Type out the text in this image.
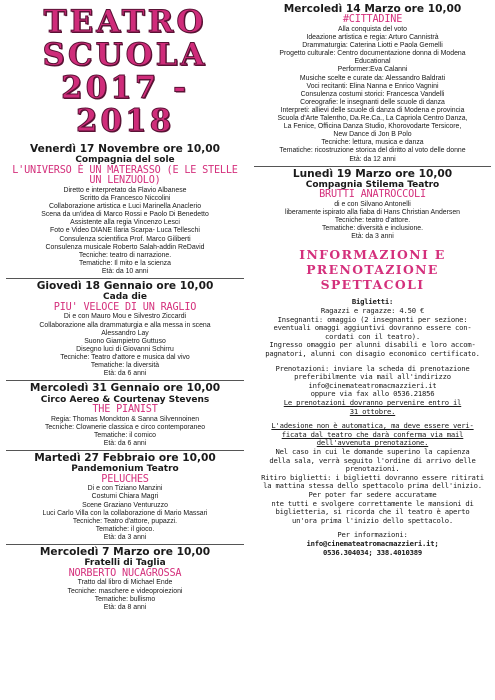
TEATRO
SCUOLA
2017 - 2018
Venerdì 17 Novembre ore 10,00
Compagnia del sole
L'UNIVERSO È UN MATERASSO (E LE STELLE UN LENZUOLO)
Diretto e interpretato da Flavio Albanese
Scritto da Francesco Niccolini
Collaborazione artistica e Luci Marinella Anaclerio
Scena da un'idea di Marco Rossi e Paolo Di Benedetto
Assistente alla regia Vincenzo Lesci
Foto e Video DIANE Ilaria Scarpa- Luca Telleschi
Consulenza scientifica Prof. Marco Giliberti
Consulenza musicale Roberto Salah-addin ReDavid
Tecniche: teatro di narrazione.
Tematiche: Il mito e la scienza
Età: da 10 anni
Giovedì 18 Gennaio ore 10,00
Cada die
PIU' VELOCE DI UN RAGLIO
Di e con Mauro Mou e Silvestro Ziccardi
Collaborazione alla drammaturgia e alla messa in scena
Alessandro Lay
Suono Giampietro Guttuso
Disegno luci di Giovanni Schirru
Tecniche: Teatro d'attore e musica dal vivo
Tematiche: la diversità
Età: da 6 anni
Mercoledì 31 Gennaio ore 10,00
Circo Aereo & Courtenay Stevens
THE PIANIST
Regia: Thomas Monckton & Sanna Silvennoinen
Tecniche: Clownerie classica e circo contemporaneo
Tematiche: il comico
Età: da 6 anni
Martedì 27 Febbraio ore 10,00
Pandemonium Teatro
PELUCHES
Di e con Tiziano Manzini
Costumi Chiara Magri
Scene Graziano Venturuzzo
Luci Carlo Villa con la collaborazione di Mario Massari
Tecniche: Teatro d'attore, pupazzi.
Tematiche: il gioco.
Età: da 3 anni
Mercoledì 7 Marzo ore 10,00
Fratelli di Taglia
NORBERTO NUCAGROSSA
Tratto dal libro di Michael Ende
Tecniche: maschere e videoproiezioni
Tematiche: bullismo
Età: da 8 anni
Mercoledì 14 Marzo ore 10,00
#CITTADINE
Alla conquista del voto
Ideazione artistica e regia: Arturo Cannistrà
Drammaturgia: Caterina Liotti e Paola Gemelli
Progetto culturale: Centro documentazione donna di Modena
Educational
Performer:Eva Calanni
Musiche scelte e curate da: Alessandro Baldrati
Voci recitanti: Elina Nanna e Enrico Vagnini
Consulenza costumi storici: Francesca Vandelli
Coreografie: le insegnanti delle scuole di danza
Interpreti: allievi delle scuole di danza di Modena e provincia
Scuola d'Arte Talentho, Da.Re.Ca., La Capriola Centro Danza,
La Fenice, Officina Danza Studio, Khorovodarte Tersicore,
New Dance di Jon B Polo
Tecniche: lettura, musica e danza
Tematiche: ricostruzione storica del diritto al voto delle donne
Età: da 12 anni
Lunedì 19 Marzo ore 10,00
Compagnia Stilema Teatro
BRUTTI ANATROCCOLI
di e con Silvano Antonelli
liberamente ispirato alla fiaba di Hans Christian Andersen
Tecniche: teatro d'attore.
Tematiche: diversità e inclusione.
Età: da 3 anni
INFORMAZIONI E
PRENOTAZIONE SPETTACOLI
Biglietti:
Ragazzi e ragazze: 4.50 €
Insegnanti: omaggio (2 insegnanti per sezione:
eventuali omaggi aggiuntivi dovranno essere con-
cordati con il teatro).
Ingresso omaggio per alunni disabili e loro accom-
pagnatori, alunni con disagio economico certificato.
Prenotazioni: inviare la scheda di prenotazione
preferibilmente via mail all'indirizzo
info@cinemateatromacmazzieri.it
oppure via fax allo 0536.21856
Le prenotazioni dovranno pervenire entro il
31 ottobre.
L'adesione non è automatica, ma deve essere veri-
ficata dal teatro che darà conferma via mail
dell'avvenuta prenotazione.
Nel caso in cui le domande superino la capienza
della sala, verrà seguito l'ordine di arrivo delle
prenotazioni.
Ritiro biglietti: i biglietti dovranno essere ritirati
la mattina stessa dello spettacolo prima dell'inizio.
Per poter far sedere accuratame
nte tutti e svolgere correttamente le mansioni di
biglietteria, si ricorda che il teatro è aperto
un'ora prima l'inizio dello spettacolo.
Per informazioni:
info@cinemateatromacmazzieri.it;
0536.304034; 338.4010389
